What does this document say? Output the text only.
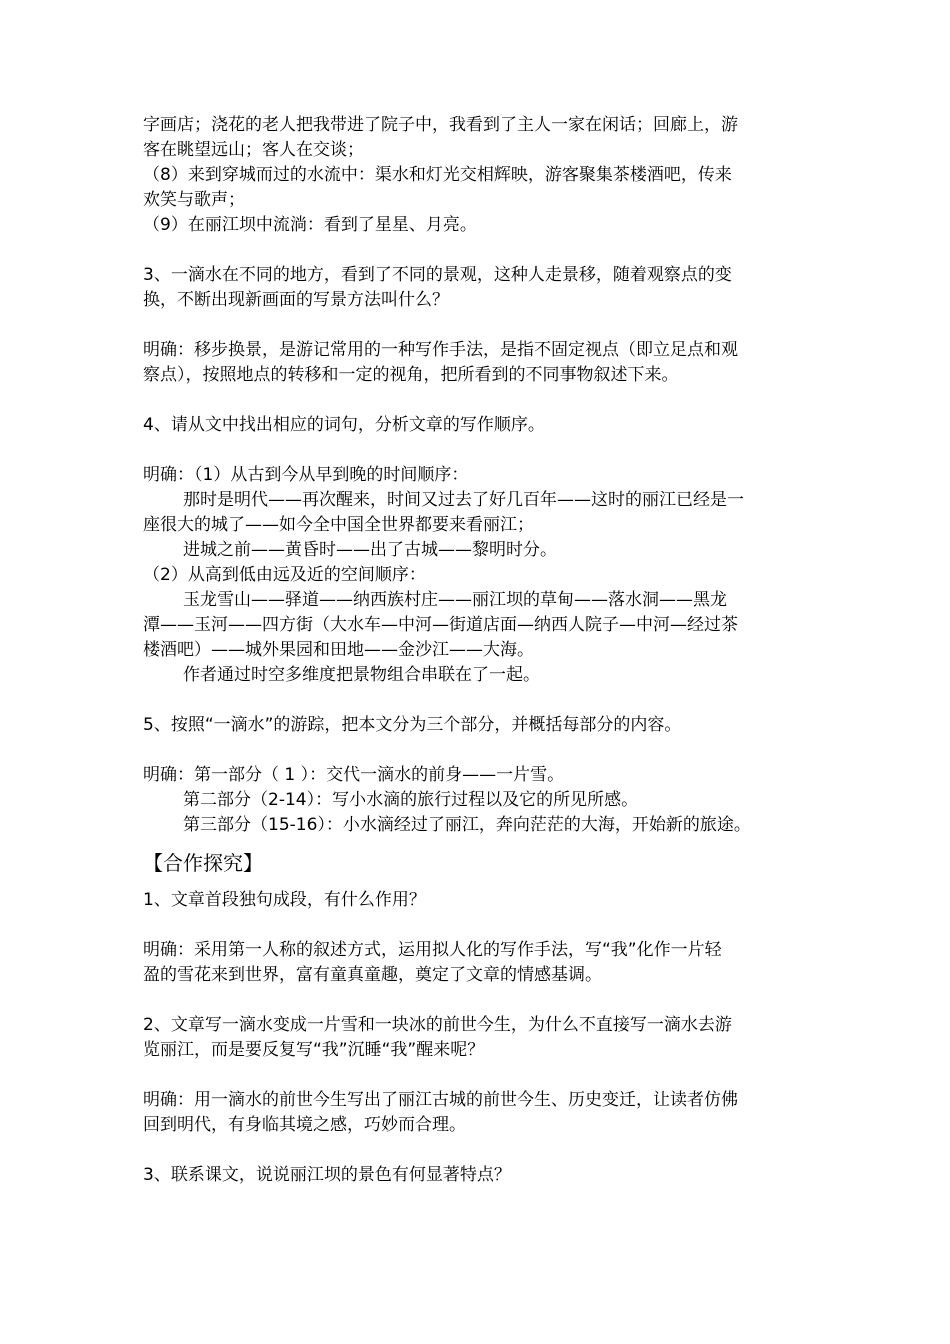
字画店；浇花的老人把我带进了院子中，我看到了主人一家在闲话；回廊上，游
客在眺望远山；客人在交谈；
（8）来到穿城而过的水流中：渠水和灯光交相辉映，游客聚集茶楼酒吧，传来
欢笑与歌声；
（9）在丽江坝中流淌：看到了星星、月亮。
3、一滴水在不同的地方，看到了不同的景观，这种人走景移，随着观察点的变
换，不断出现新画面的写景方法叫什么？
明确：移步换景，是游记常用的一种写作手法，是指不固定视点（即立足点和观
察点），按照地点的转移和一定的视角，把所看到的不同事物叙述下来。
4、请从文中找出相应的词句，分析文章的写作顺序。
明确：（1）从古到今从早到晚的时间顺序：
那时是明代——再次醒来，时间又过去了好几百年——这时的丽江已经是一
座很大的城了——如今全中国全世界都要来看丽江；
进城之前——黄昏时——出了古城——黎明时分。
（2）从高到低由远及近的空间顺序：
玉龙雪山——驿道——纳西族村庄——丽江坝的草甸——落水洞——黑龙
潭——玉河——四方街（大水车—中河—街道店面—纳西人院子—中河—经过茶
楼酒吧）——城外果园和田地——金沙江——大海。
作者通过时空多维度把景物组合串联在了一起。
5、按照“一滴水”的游踪，把本文分为三个部分，并概括每部分的内容。
明确：第一部分（ 1 ）：交代一滴水的前身——一片雪。
第二部分（2-14）：写小水滴的旅行过程以及它的所见所感。
第三部分（15-16）：小水滴经过了丽江，奔向茫茫的大海，开始新的旅途。
【合作探究】
1、文章首段独句成段，有什么作用？
明确：采用第一人称的叙述方式，运用拟人化的写作手法，写“我”化作一片轻
盈的雪花来到世界，富有童真童趣，奠定了文章的情感基调。
2、文章写一滴水变成一片雪和一块冰的前世今生，为什么不直接写一滴水去游
览丽江，而是要反复写“我”沉睡“我”醒来呢？
明确：用一滴水的前世今生写出了丽江古城的前世今生、历史变迁，让读者仿佛
回到明代，有身临其境之感，巧妙而合理。
3、联系课文，说说丽江坝的景色有何显著特点？
